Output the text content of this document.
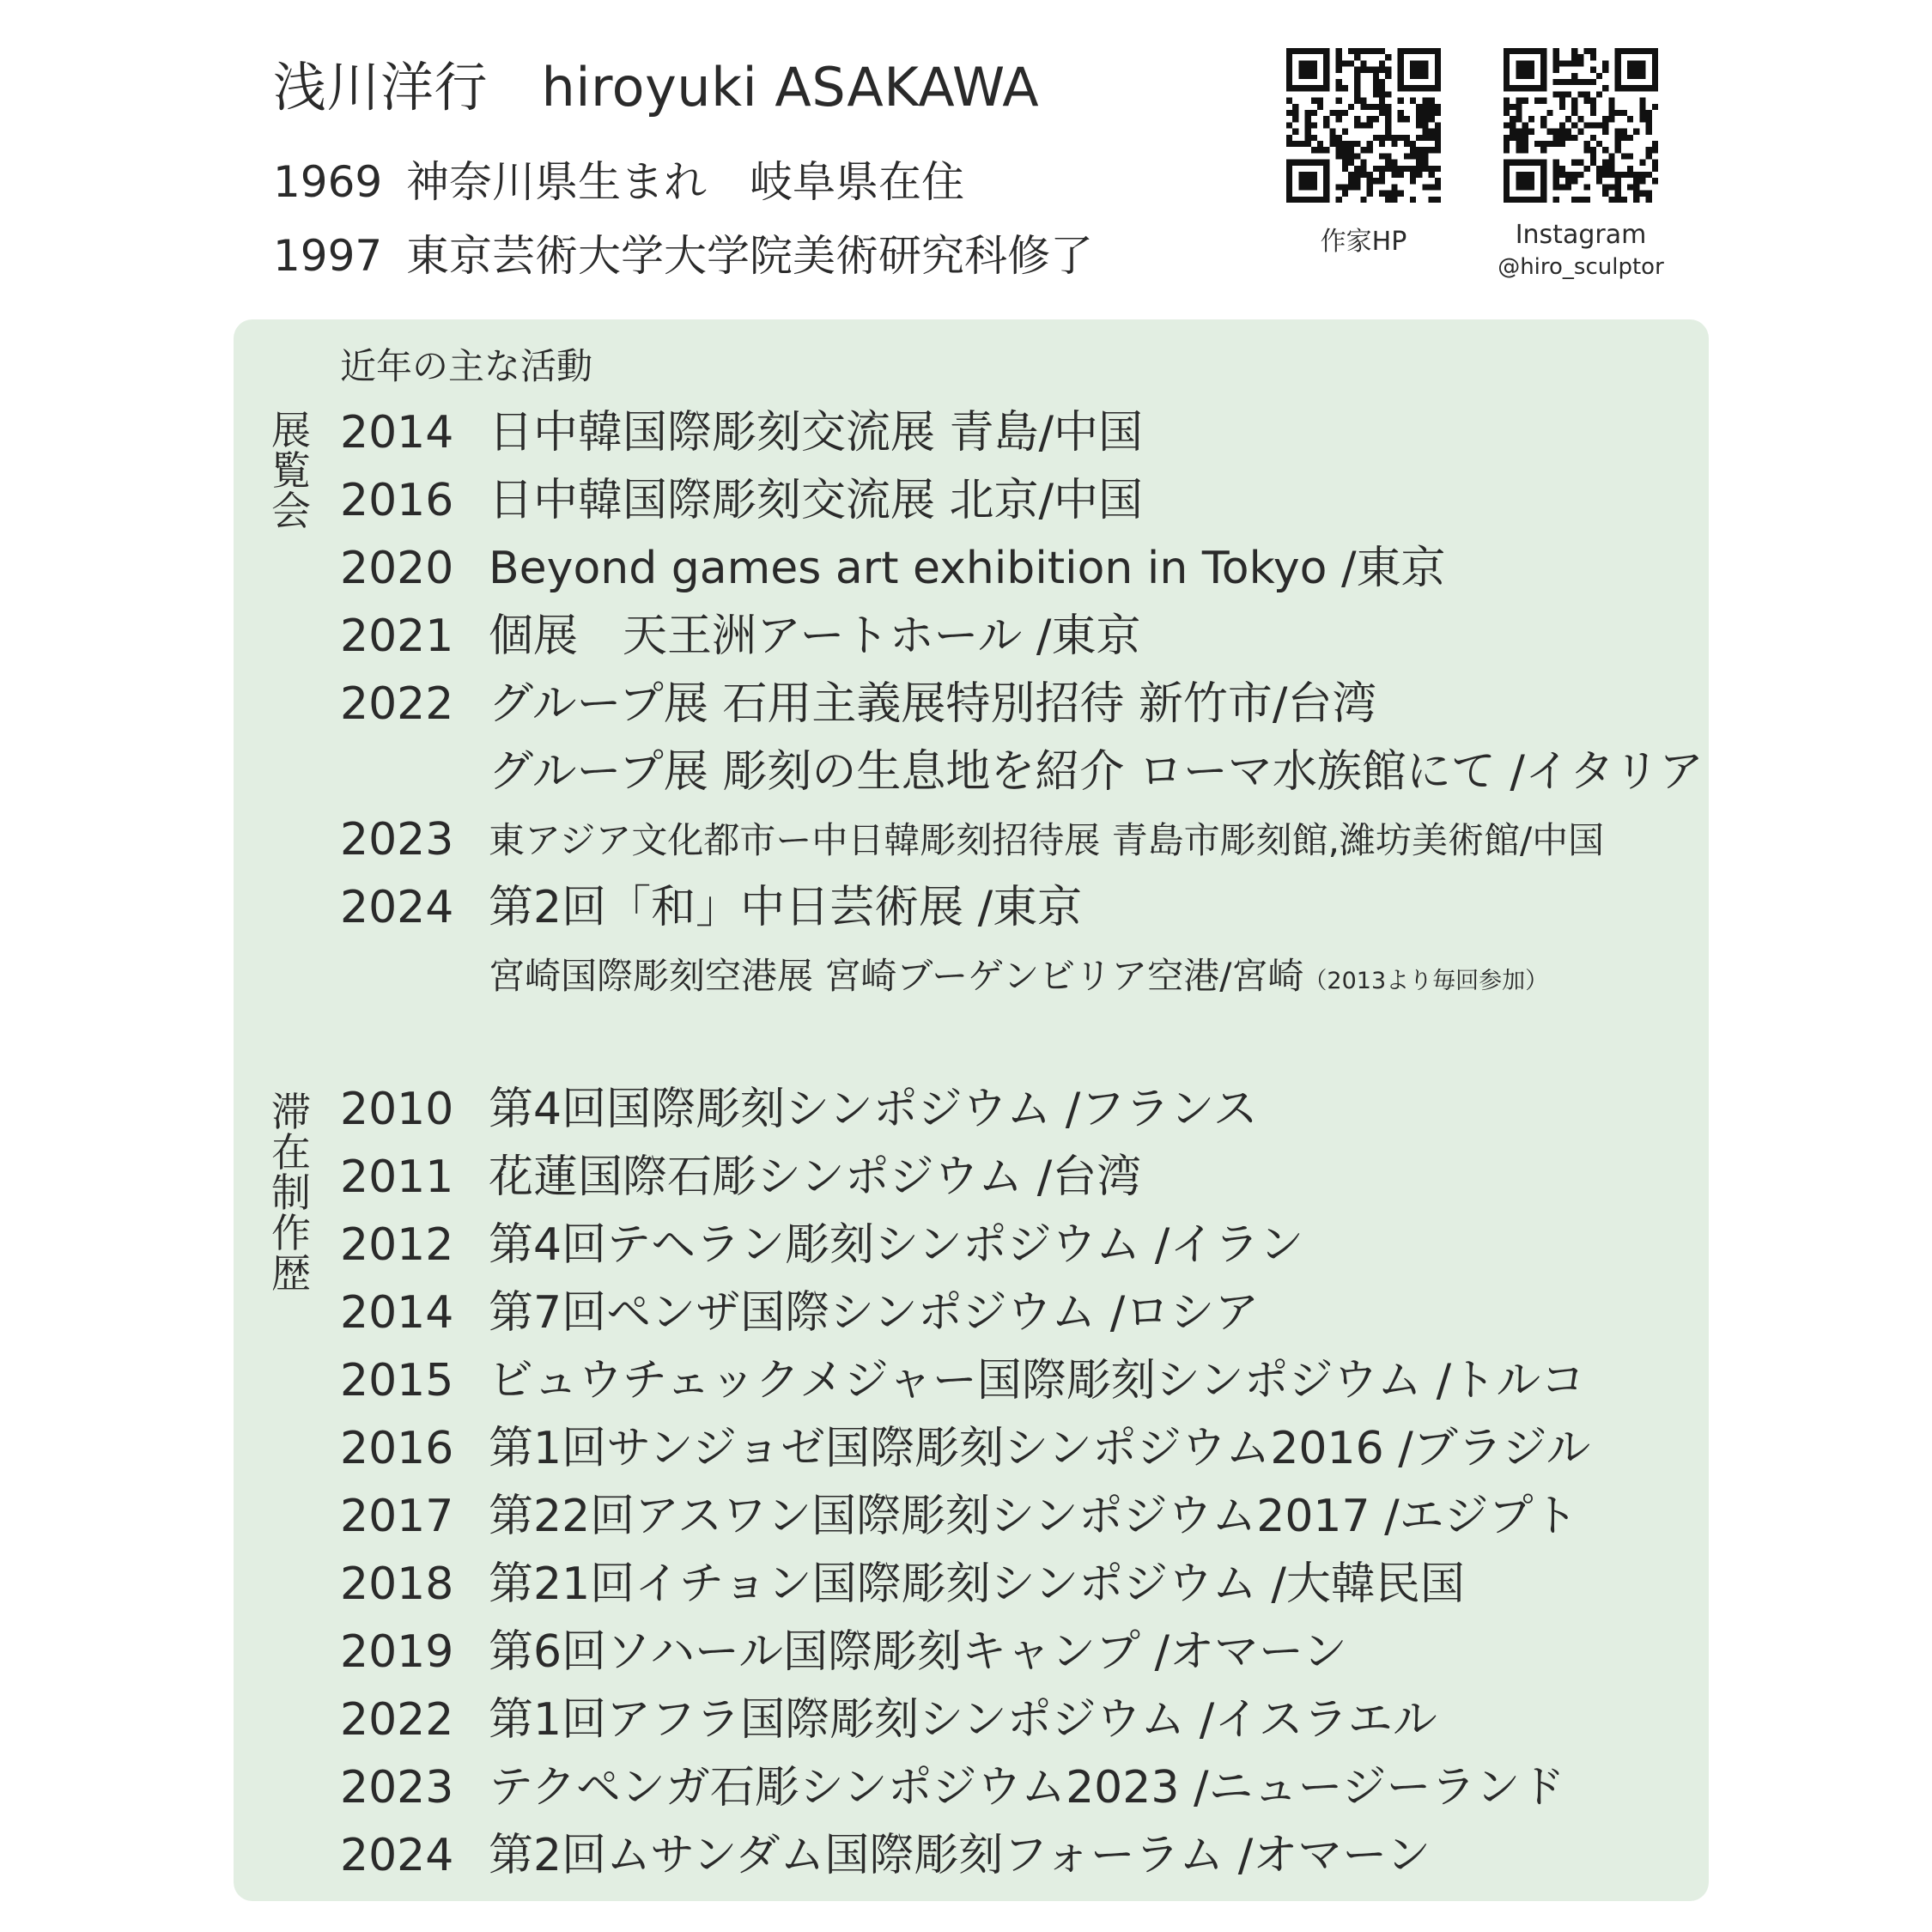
浅川洋行　hiroyuki ASAKAWA
1969 神奈川県生まれ　岐阜県在住
1997 東京芸術大学大学院美術研究科修了	作家HP	Instagram
@hiro_sculptor
近年の主な活動
展覧会
滞在制作歴
2014 日中韓国際彫刻交流展 青島/中国
2016 日中韓国際彫刻交流展 北京/中国
2020 Beyond games art exhibition in Tokyo /東京
2021 個展　天王洲アートホール /東京
2022 グループ展 石用主義展特別招待 新竹市/台湾
グループ展 彫刻の生息地を紹介 ローマ水族館にて /イタリア
2023 東アジア文化都市ー中日韓彫刻招待展 青島市彫刻館,濰坊美術館/中国
2024 第2回「和」中日芸術展 /東京
宮崎国際彫刻空港展 宮崎ブーゲンビリア空港/宮崎（2013より毎回参加）
2010 第4回国際彫刻シンポジウム /フランス
2011 花蓮国際石彫シンポジウム /台湾
2012 第4回テヘラン彫刻シンポジウム /イラン
2014 第7回ペンザ国際シンポジウム /ロシア
2015 ビュウチェックメジャー国際彫刻シンポジウム /トルコ
2016 第1回サンジョゼ国際彫刻シンポジウム2016 /ブラジル
2017 第22回アスワン国際彫刻シンポジウム2017 /エジプト
2018 第21回イチョン国際彫刻シンポジウム /大韓民国
2019 第6回ソハール国際彫刻キャンプ /オマーン
2022 第1回アフラ国際彫刻シンポジウム /イスラエル
2023 テクペンガ石彫シンポジウム2023 /ニュージーランド
2024 第2回ムサンダム国際彫刻フォーラム /オマーン
